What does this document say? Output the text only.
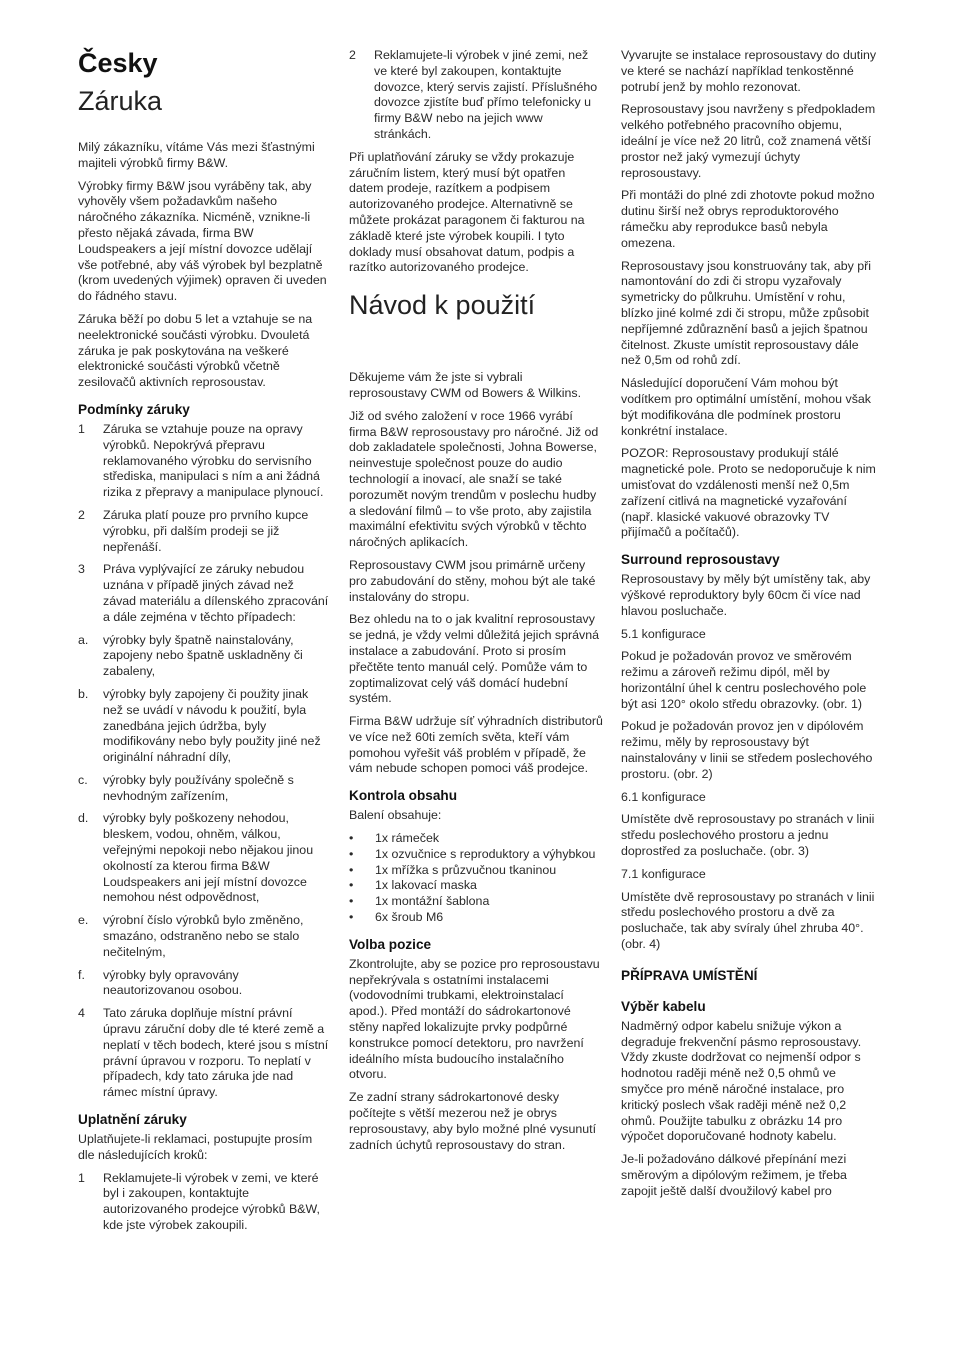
Česky
Záruka

Milý zákazníku, vítáme Vás mezi šťastnými majiteli výrobků firmy B&W.

Výrobky firmy B&W jsou vyráběny tak, aby vyhověly všem požadavkům našeho náročného zákazníka. Nicméně, vznikne-li přesto nějaká závada, firma BW Loudspeakers a její místní dovozce udělají vše potřebné, aby váš výrobek byl bezplatně (krom uvedených výjimek) opraven či uveden do řádného stavu.

Záruka běží po dobu 5 let a vztahuje se na neelektronické součásti výrobku. Dvouletá záruka je pak poskytována na veškeré elektronické součásti výrobků včetně zesilovačů aktivních reprosoustav.

Podmínky záruky
1	Záruka se vztahuje pouze na opravy výrobků. Nepokrývá přepravu reklamovaného výrobku do servisního střediska, manipulaci s ním a ani žádná rizika z přepravy a manipulace plynoucí.
2	Záruka platí pouze pro prvního kupce výrobku, při dalším prodeji se již nepřenáší.
3	Práva vyplývající ze záruky nebudou uznána v případě jiných závad než závad materiálu a dílenského zpracování a dále zejména v těchto případech:
a.	výrobky byly špatně nainstalovány, zapojeny nebo špatně uskladněny či zabaleny,
b.	výrobky byly zapojeny či použity jinak než se uvádí v návodu k použití, byla zanedbána jejich údržba, byly modifikovány nebo byly použity jiné než originální náhradní díly,
c.	výrobky byly používány společně s nevhodným zařízením,
d.	výrobky byly poškozeny nehodou, bleskem, vodou, ohněm, válkou, veřejnými nepokoji nebo nějakou jinou okolností za kterou firma B&W Loudspeakers ani její místní dovozce nemohou nést odpovědnost,
e.	výrobní číslo výrobků bylo změněno, smazáno, odstraněno nebo se stalo nečitelným,
f.	výrobky byly opravovány neautorizovanou osobou.
4	Tato záruka doplňuje místní právní úpravu záruční doby dle té které země a neplatí v těch bodech, které jsou s místní právní úpravou v rozporu. To neplatí v případech, kdy tato záruka jde nad rámec místní úpravy.
Uplatnění záruky

Uplatňujete-li reklamaci, postupujte prosím dle následujících kroků:

1	Reklamujete-li výrobek v zemi, ve které byl i zakoupen, kontaktujte autorizovaného prodejce výrobků B&W, kde jste výrobek zakoupili.
2	Reklamujete-li výrobek v jiné zemi, než ve které byl zakoupen, kontaktujte dovozce, který servis zajistí. Příslušného dovozce zjistíte buď přímo telefonicky u firmy B&W nebo na jejich www stránkách.

Při uplatňování záruky se vždy prokazuje záručním listem, který musí být opatřen datem prodeje, razítkem a podpisem autorizovaného prodejce. Alternativně se můžete prokázat paragonem či fakturou na základě které jste výrobek koupili. I tyto doklady musí obsahovat datum, podpis a razítko autorizovaného prodejce.

Návod k použití

Děkujeme vám že jste si vybrali reprosoustavy CWM od Bowers & Wilkins.

Již od svého založení v roce 1966 vyrábí firma B&W reprosoustavy pro náročné. Již od dob zakladatele společnosti, Johna Bowerse, neinvestuje společnost pouze do audio technologií a inovací, ale snaží se také porozumět novým trendům v poslechu hudby a sledování filmů – to vše proto, aby zajistila maximální efektivitu svých výrobků v těchto náročných aplikacích.

Reprosoustavy CWM jsou primárně určeny pro zabudování do stěny, mohou být ale také instalovány do stropu.

Bez ohledu na to o jak kvalitní reprosoustavy se jedná, je vždy velmi důležitá jejich správná instalace a zabudování. Proto si prosím přečtěte tento manuál celý. Pomůže vám to zoptimalizovat celý váš domácí hudební systém.

Firma B&W udržuje síť výhradních distributorů ve více než 60ti zemích světa, kteří vám pomohou vyřešit váš problém v případě, že vám nebude schopen pomoci váš prodejce.

Kontrola obsahu

Balení obsahuje:

•	1x rámeček
•	1x ozvučnice s reproduktory a výhybkou
•	1x mřížka s průzvučnou tkaninou
•	1x lakovací maska
•	1x montážní šablona
•	6x šroub M6
Volba pozice

Zkontrolujte, aby se pozice pro reprosoustavu nepřekrývala s ostatními instalacemi (vodovodními trubkami, elektroinstalací apod.). Před montáží do sádrokartonové stěny napřed lokalizujte prvky podpůrné konstrukce pomocí detektoru, pro navržení ideálního místa budoucího instalačního otvoru.

Ze zadní strany sádrokartonové desky počítejte s větší mezerou než je obrys reprosoustavy, aby bylo možné plné vysunutí zadních úchytů reprosoustavy do stran.

Vyvarujte se instalace reprosoustavy do dutiny ve které se nachází například tenkostěnné potrubí jenž by mohlo rezonovat.

Reprosoustavy jsou navrženy s předpokladem velkého potřebného pracovního objemu, ideální je více než 20 litrů, což znamená větší prostor než jaký vymezují úchyty reprosoustavy.

Při montáži do plné zdi zhotovte pokud možno dutinu širší než obrys reproduktorového rámečku aby reprodukce basů nebyla omezena.

Reprosoustavy jsou konstruovány tak, aby při namontování do zdi či stropu vyzařovaly symetricky do půlkruhu. Umístění v rohu, blízko jiné kolmé zdi či stropu, může způsobit nepříjemné zdůraznění basů a jejich špatnou čitelnost. Zkuste umístit reprosoustavy dále než 0,5m od rohů zdí.

Následující doporučení Vám mohou být vodítkem pro optimální umístění, mohou však být modifikována dle podmínek prostoru konkrétní instalace.

POZOR: Reprosoustavy produkují stálé magnetické pole. Proto se nedoporučuje k nim umisťovat do vzdálenosti menší než 0,5m zařízení citlivá na magnetické vyzařování (např. klasické vakuové obrazovky TV přijímačů a počítačů).

Surround reprosoustavy

Reprosoustavy by měly být umístěny tak, aby výškové reproduktory byly 60cm či více nad hlavou posluchače.

5.1 konfigurace

Pokud je požadován provoz ve směrovém režimu a zároveň režimu dipól, měl by horizontální úhel k centru poslechového pole být asi 120° okolo středu obrazovky. (obr. 1)

Pokud je požadován provoz jen v dipólovém režimu, měly by reprosoustavy být nainstalovány v linii se středem poslechového prostoru. (obr. 2)

6.1 konfigurace

Umístěte dvě reprosoustavy po stranách v linii středu poslechového prostoru a jednu doprostřed za posluchače. (obr. 3)

7.1 konfigurace

Umístěte dvě reprosoustavy po stranách v linii středu poslechového prostoru a dvě za posluchače, tak aby svíraly úhel zhruba 40°. (obr. 4)

PŘÍPRAVA UMÍSTĚNÍ
Výběr kabelu

Nadměrný odpor kabelu snižuje výkon a degraduje frekvenční pásmo reprosoustavy. Vždy zkuste dodržovat co nejmenší odpor s hodnotou raději méně než 0,5 ohmů ve smyčce pro méně náročné instalace, pro kritický poslech však raději méně než 0,2 ohmů. Použijte tabulku z obrázku 14 pro výpočet doporučované hodnoty kabelu.

Je-li požadováno dálkové přepínání mezi směrovým a dipólovým režimem, je třeba zapojit ještě další dvoužilový kabel pro
